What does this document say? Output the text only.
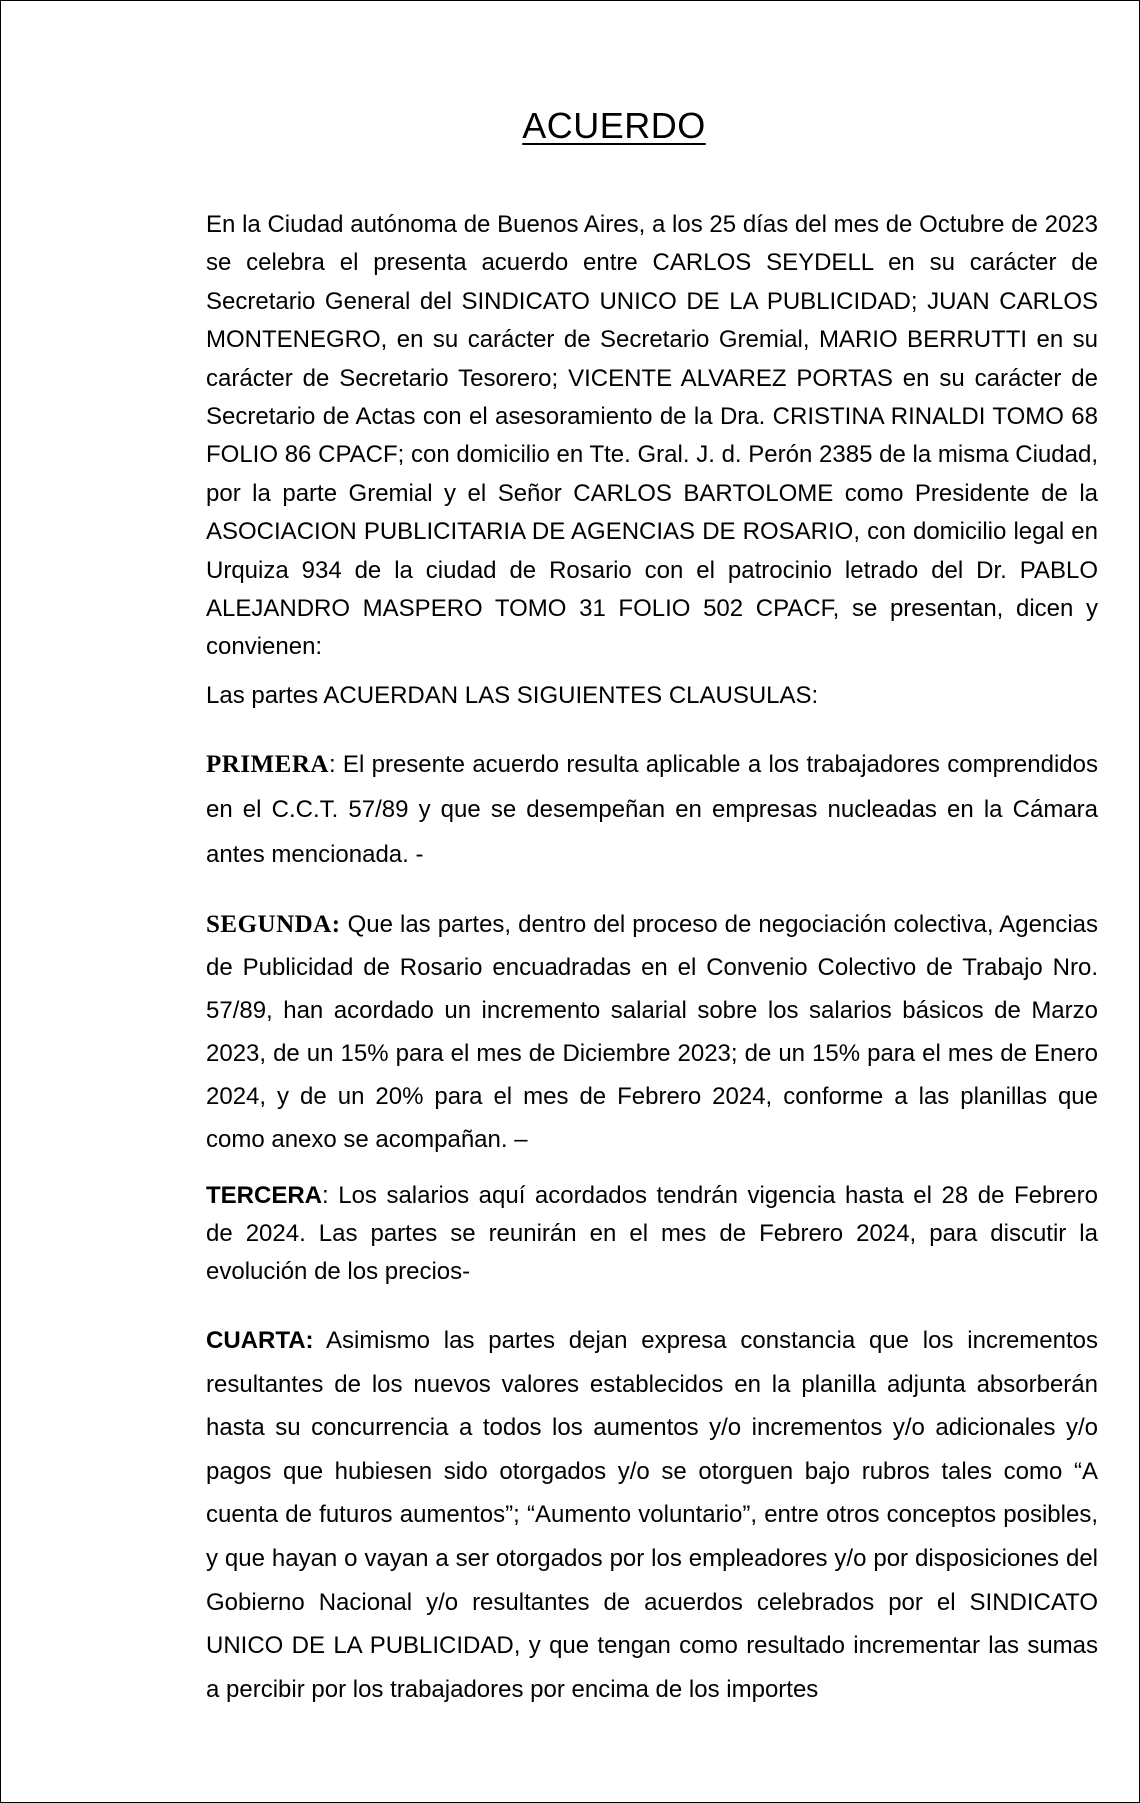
ACUERDO

En la Ciudad autónoma de Buenos Aires, a los 25 días del mes de Octubre de 2023 se celebra el presenta acuerdo entre CARLOS SEYDELL en su carácter de Secretario General del SINDICATO UNICO DE LA PUBLICIDAD; JUAN CARLOS MONTENEGRO, en su carácter de Secretario Gremial, MARIO BERRUTTI en su carácter de Secretario Tesorero; VICENTE ALVAREZ PORTAS en su carácter de Secretario de Actas con el asesoramiento de la Dra. CRISTINA RINALDI TOMO 68 FOLIO 86 CPACF; con domicilio en Tte. Gral. J. d. Perón 2385 de la misma Ciudad, por la parte Gremial y el Señor CARLOS BARTOLOME como Presidente de la ASOCIACION PUBLICITARIA DE AGENCIAS DE ROSARIO, con domicilio legal en Urquiza 934 de la ciudad de Rosario con el patrocinio letrado del Dr. PABLO ALEJANDRO MASPERO TOMO 31 FOLIO 502 CPACF, se presentan, dicen y convienen:

Las partes ACUERDAN LAS SIGUIENTES CLAUSULAS:

PRIMERA: El presente acuerdo resulta aplicable a los trabajadores comprendidos en el C.C.T. 57/89 y que se desempeñan en empresas nucleadas en la Cámara antes mencionada. -

SEGUNDA: Que las partes, dentro del proceso de negociación colectiva, Agencias de Publicidad de Rosario encuadradas en el Convenio Colectivo de Trabajo Nro. 57/89, han acordado un incremento salarial sobre los salarios básicos de Marzo 2023, de un 15% para el mes de Diciembre 2023; de un 15% para el mes de Enero 2024, y de un 20% para el mes de Febrero 2024, conforme a las planillas que como anexo se acompañan. –

TERCERA: Los salarios aquí acordados tendrán vigencia hasta el 28 de Febrero de 2024. Las partes se reunirán en el mes de Febrero 2024, para discutir la evolución de los precios-

CUARTA: Asimismo las partes dejan expresa constancia que los incrementos resultantes de los nuevos valores establecidos en la planilla adjunta absorberán hasta su concurrencia a todos los aumentos y/o incrementos y/o adicionales y/o pagos que hubiesen sido otorgados y/o se otorguen bajo rubros tales como “A cuenta de futuros aumentos”; “Aumento voluntario”, entre otros conceptos posibles, y que hayan o vayan a ser otorgados por los empleadores y/o por disposiciones del Gobierno Nacional y/o resultantes de acuerdos celebrados por el SINDICATO UNICO DE LA PUBLICIDAD, y que tengan como resultado incrementar las sumas a percibir por los trabajadores por encima de los importes
